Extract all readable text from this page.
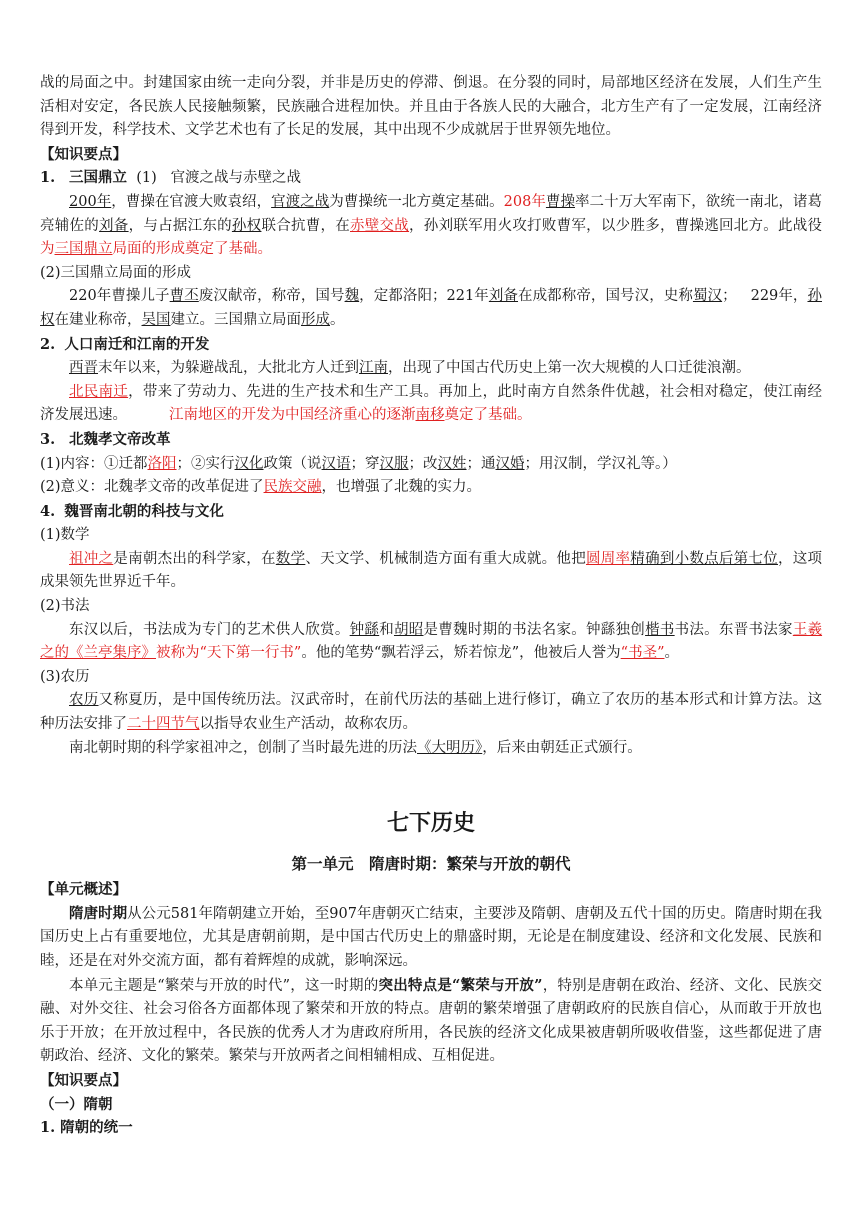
战的局面之中。封建国家由统一走向分裂，并非是历史的停滞、倒退。在分裂的同时，局部地区经济在发展，人们生产生活相对安定，各民族人民接触频繁，民族融合进程加快。并且由于各族人民的大融合，北方生产有了一定发展，江南经济得到开发，科学技术、文学艺术也有了长足的发展，其中出现不少成就居于世界领先地位。

【知识要点】

1. 三国鼎立 (1) 官渡之战与赤壁之战

200年，曹操在官渡大败袁绍，官渡之战为曹操统一北方奠定基础。208年曹操率二十万大军南下，欲统一南北，诸葛亮辅佐的刘备，与占据江东的孙权联合抗曹，在赤壁交战，孙刘联军用火攻打败曹军，以少胜多，曹操逃回北方。此战役为三国鼎立局面的形成奠定了基础。

(2)三国鼎立局面的形成

220年曹操儿子曹丕废汉献帝，称帝，国号魏，定都洛阳；221年刘备在成都称帝，国号汉，史称蜀汉； 229年，孙权在建业称帝，吴国建立。三国鼎立局面形成。

2. 人口南迁和江南的开发

西晋末年以来，为躲避战乱，大批北方人迁到江南，出现了中国古代历史上第一次大规模的人口迁徙浪潮。

北民南迁，带来了劳动力、先进的生产技术和生产工具。再加上，此时南方自然条件优越，社会相对稳定，使江南经济发展迅速。	江南地区的开发为中国经济重心的逐渐南移奠定了基础。

3. 北魏孝文帝改革

(1)内容：①迁都洛阳；②实行汉化政策（说汉语；穿汉服；改汉姓；通汉婚；用汉制，学汉礼等。）

(2)意义：北魏孝文帝的改革促进了民族交融，也增强了北魏的实力。

4. 魏晋南北朝的科技与文化

(1)数学

祖冲之是南朝杰出的科学家，在数学、天文学、机械制造方面有重大成就。他把圆周率精确到小数点后第七位，这项成果领先世界近千年。

(2)书法

东汉以后，书法成为专门的艺术供人欣赏。钟繇和胡昭是曹魏时期的书法名家。钟繇独创楷书书法。东晋书法家王羲之的《兰亭集序》被称为“天下第一行书”。他的笔势“飘若浮云，矫若惊龙”，他被后人誉为“书圣”。

(3)农历

农历又称夏历，是中国传统历法。汉武帝时，在前代历法的基础上进行修订，确立了农历的基本形式和计算方法。这种历法安排了二十四节气以指导农业生产活动，故称农历。

南北朝时期的科学家祖冲之，创制了当时最先进的历法《大明历》，后来由朝廷正式颁行。

七下历史
第一单元　隋唐时期：繁荣与开放的朝代

【单元概述】

隋唐时期从公元581年隋朝建立开始，至907年唐朝灭亡结束，主要涉及隋朝、唐朝及五代十国的历史。隋唐时期在我国历史上占有重要地位，尤其是唐朝前期，是中国古代历史上的鼎盛时期，无论是在制度建设、经济和文化发展、民族和睦，还是在对外交流方面，都有着辉煌的成就，影响深远。

本单元主题是“繁荣与开放的时代”，这一时期的突出特点是“繁荣与开放”，特别是唐朝在政治、经济、文化、民族交融、对外交往、社会习俗各方面都体现了繁荣和开放的特点。唐朝的繁荣增强了唐朝政府的民族自信心，从而敢于开放也乐于开放；在开放过程中，各民族的优秀人才为唐政府所用，各民族的经济文化成果被唐朝所吸收借鉴，这些都促进了唐朝政治、经济、文化的繁荣。繁荣与开放两者之间相辅相成、互相促进。

【知识要点】

（一）隋朝

1. 隋朝的统一
